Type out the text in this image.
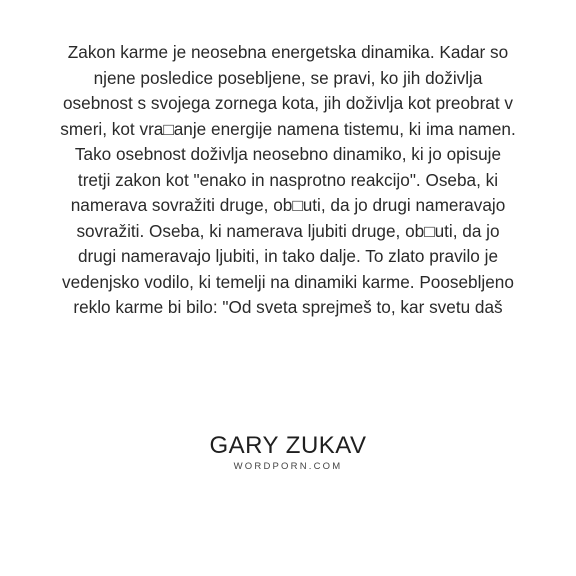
Zakon karme je neosebna energetska dinamika. Kadar so
njene posledice posebljene, se pravi, ko jih doživlja
osebnost s svojega zornega kota, jih doživlja kot preobrat v
smeri, kot vra□anje energije namena tistemu, ki ima namen.
Tako osebnost doživlja neosebno dinamiko, ki jo opisuje
tretji zakon kot "enako in nasprotno reakcijo". Oseba, ki
namerava sovražiti druge, ob□uti, da jo drugi nameravajo
sovražiti. Oseba, ki namerava ljubiti druge, ob□uti, da jo
drugi nameravajo ljubiti, in tako dalje. To zlato pravilo je
vedenjsko vodilo, ki temelji na dinamiki karme. Poosebljeno
reklo karme bi bilo: "Od sveta sprejmeš to, kar svetu daš

GARY ZUKAV
WORDPORN.COM
